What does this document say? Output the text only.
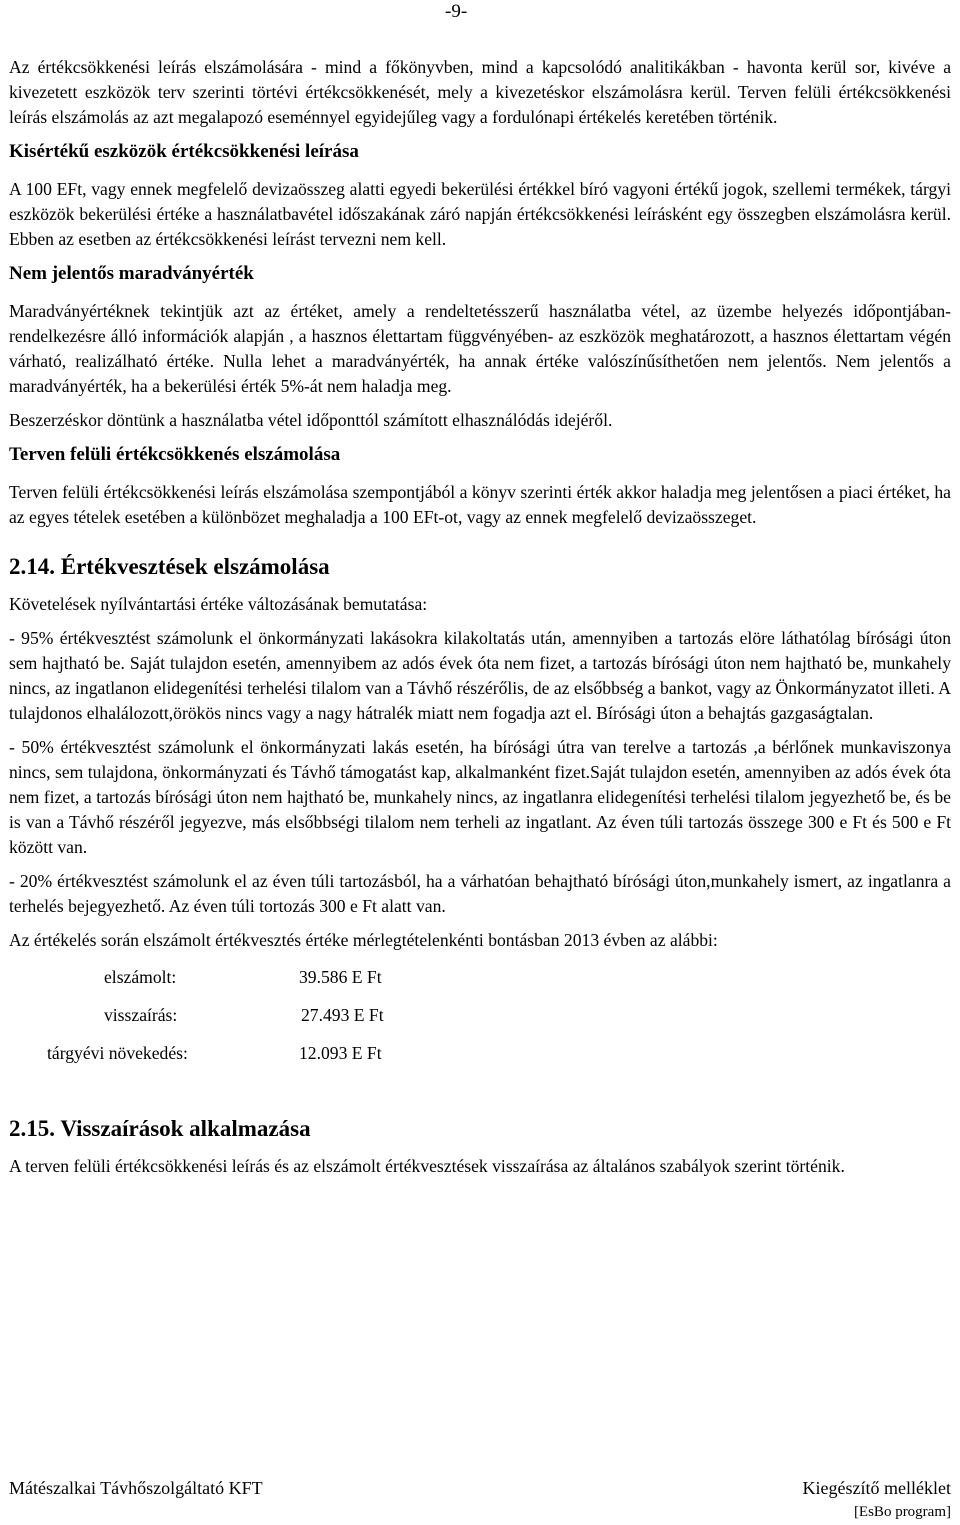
-9-

Az értékcsökkenési leírás elszámolására - mind a főkönyvben, mind a kapcsolódó analitikákban - havonta kerül sor, kivéve a kivezetett eszközök terv szerinti törtévi értékcsökkenését, mely a kivezetéskor elszámolásra kerül. Terven felüli értékcsökkenési leírás elszámolás az azt megalapozó eseménnyel egyidejűleg vagy a fordulónapi értékelés keretében történik.

Kisértékű eszközök értékcsökkenési leírása

A 100 EFt, vagy ennek megfelelő devizaösszeg alatti egyedi bekerülési értékkel bíró vagyoni értékű jogok, szellemi termékek, tárgyi eszközök bekerülési értéke a használatbavétel időszakának záró napján értékcsökkenési leírásként egy összegben elszámolásra kerül. Ebben az esetben az értékcsökkenési leírást tervezni nem kell.

Nem jelentős maradványérték

Maradványértéknek tekintjük azt az értéket, amely a rendeltetésszerű használatba vétel, az üzembe helyezés időpontjában-rendelkezésre álló információk alapján , a hasznos élettartam függvényében- az eszközök meghatározott, a hasznos élettartam végén várható, realizálható értéke. Nulla lehet a maradványérték, ha annak értéke valószínűsíthetően nem jelentős. Nem jelentős a maradványérték, ha a bekerülési érték 5%-át nem haladja meg.

Beszerzéskor döntünk a használatba vétel időponttól számított elhasználódás idejéről.

Terven felüli értékcsökkenés elszámolása

Terven felüli értékcsökkenési leírás elszámolása szempontjából a könyv szerinti érték akkor haladja meg jelentősen a piaci értéket, ha az egyes tételek esetében a különbözet meghaladja a 100 EFt-ot, vagy az ennek megfelelő devizaösszeget.

2.14. Értékvesztések elszámolása

Követelések nyílvántartási értéke változásának bemutatása:

- 95% értékvesztést számolunk el önkormányzati lakásokra kilakoltatás után, amennyiben a tartozás elöre láthatólag bírósági úton sem hajtható be. Saját tulajdon esetén, amennyibem az adós évek óta nem fizet, a tartozás bírósági úton nem hajtható be, munkahely nincs, az ingatlanon elidegenítési terhelési tilalom van a Távhő részérőlis, de az elsőbbség a bankot, vagy az Önkormányzatot illeti. A tulajdonos elhalálozott,örökös nincs vagy a nagy hátralék miatt nem fogadja azt el. Bírósági úton a behajtás gazgaságtalan.

- 50% értékvesztést számolunk el önkormányzati lakás esetén, ha bírósági útra van terelve a tartozás ,a bérlőnek munkaviszonya nincs, sem tulajdona, önkormányzati és Távhő támogatást kap, alkalmanként fizet.Saját tulajdon esetén, amennyiben az adós évek óta nem fizet, a tartozás bírósági úton nem hajtható be, munkahely nincs, az ingatlanra elidegenítési terhelési tilalom jegyezhető be, és be is van a Távhő részéről jegyezve, más elsőbbségi tilalom nem terheli az ingatlant. Az éven túli tartozás összege 300 e Ft és 500 e Ft között van.

- 20% értékvesztést számolunk el az éven túli tartozásból, ha a várhatóan behajtható bírósági úton,munkahely ismert, az ingatlanra a terhelés bejegyezhető. Az éven túli tortozás 300 e Ft alatt van.

Az értékelés során elszámolt értékvesztés értéke mérlegtételenkénti bontásban 2013 évben az alábbi:

elszámolt:	39.586 E Ft
visszaírás:	27.493 E Ft
tárgyévi növekedés:	12.093 E Ft
2.15. Visszaírások alkalmazása

A terven felüli értékcsökkenési leírás és az elszámolt értékvesztések visszaírása az általános szabályok szerint történik.

Mátészalkai Távhőszolgáltató KFT	Kiegészítő melléklet
[EsBo program]
